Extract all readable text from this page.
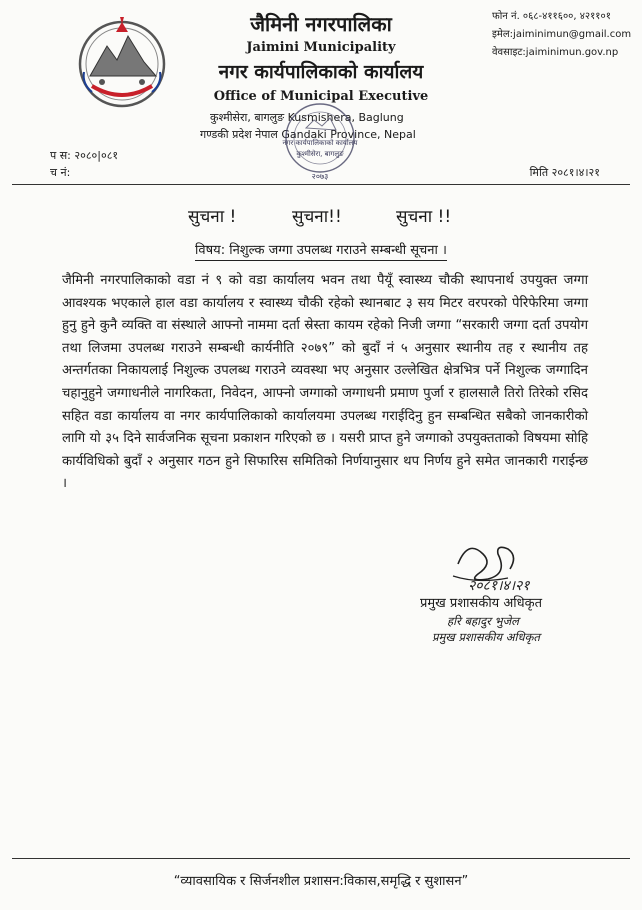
जैमिनी नगरपालिका
Jaimini Municipality
नगर कार्यपालिकाको कार्यालय
Office of Municipal Executive
कुश्मीसेरा, बागलुङ Kusmishera, Baglung
गण्डकी प्रदेश नेपाल Gandaki Province, Nepal
फोन नं. ०६८-४११६००, ४२११०१
इमेल:jaiminimun@gmail.com
वेवसाइट:jaiminimun.gov.np
नगर कार्यपालिकाको कार्यालय
कुश्मीसेरा, बागलुङ
२०७३
प स: २०८०|०८१
च नं:	मिति २०८१।४।२१
सुचना !	सुचना!!	सुचना !!
विषय: निशुल्क जग्गा उपलब्ध गराउने सम्बन्धी सूचना ।
जैमिनी नगरपालिकाको वडा नं ९ को वडा कार्यालय भवन तथा पैयूँ स्वास्थ्य चौकी स्थापनार्थ उपयुक्त जग्गा आवश्यक भएकाले हाल वडा कार्यालय र स्वास्थ्य चौकी रहेको स्थानबाट ३ सय मिटर वरपरको पेरिफेरिमा जग्गा हुनु हुने कुनै व्यक्ति वा संस्थाले आफ्नो नाममा दर्ता स्रेस्ता कायम रहेको निजी जग्गा “सरकारी जग्गा दर्ता उपयोग तथा लिजमा उपलब्ध गराउने सम्बन्धी कार्यनीति २०७९” को बुदाँ नं ५ अनुसार स्थानीय तह र स्थानीय तह अन्तर्गतका निकायलाई निशुल्क उपलब्ध गराउने व्यवस्था भए अनुसार उल्लेखित क्षेत्रभित्र पर्ने निशुल्क जग्गादिन चहानुहुने जग्गाधनीले नागरिकता, निवेदन, आफ्नो जग्गाको जग्गाधनी प्रमाण पुर्जा र हालसालै तिरो तिरेको रसिद सहित वडा कार्यालय वा नगर कार्यपालिकाको कार्यालयमा उपलब्ध गराईदिनु हुन सम्बन्धित सबैको जानकारीको लागि यो ३५ दिने सार्वजनिक सूचना प्रकाशन गरिएको छ । यसरी प्राप्त हुने जग्गाको उपयुक्तताको विषयमा सोहि कार्यविधिको बुदाँ २ अनुसार गठन हुने सिफारिस समितिको निर्णयानुसार थप निर्णय हुने समेत जानकारी गराईन्छ ।
२०८१।४।२१
प्रमुख प्रशासकीय अधिकृत
हरि बहादुर भुजेल
प्रमुख प्रशासकीय अधिकृत
“व्यावसायिक र सिर्जनशील प्रशासन:विकास,समृद्धि र सुशासन”
